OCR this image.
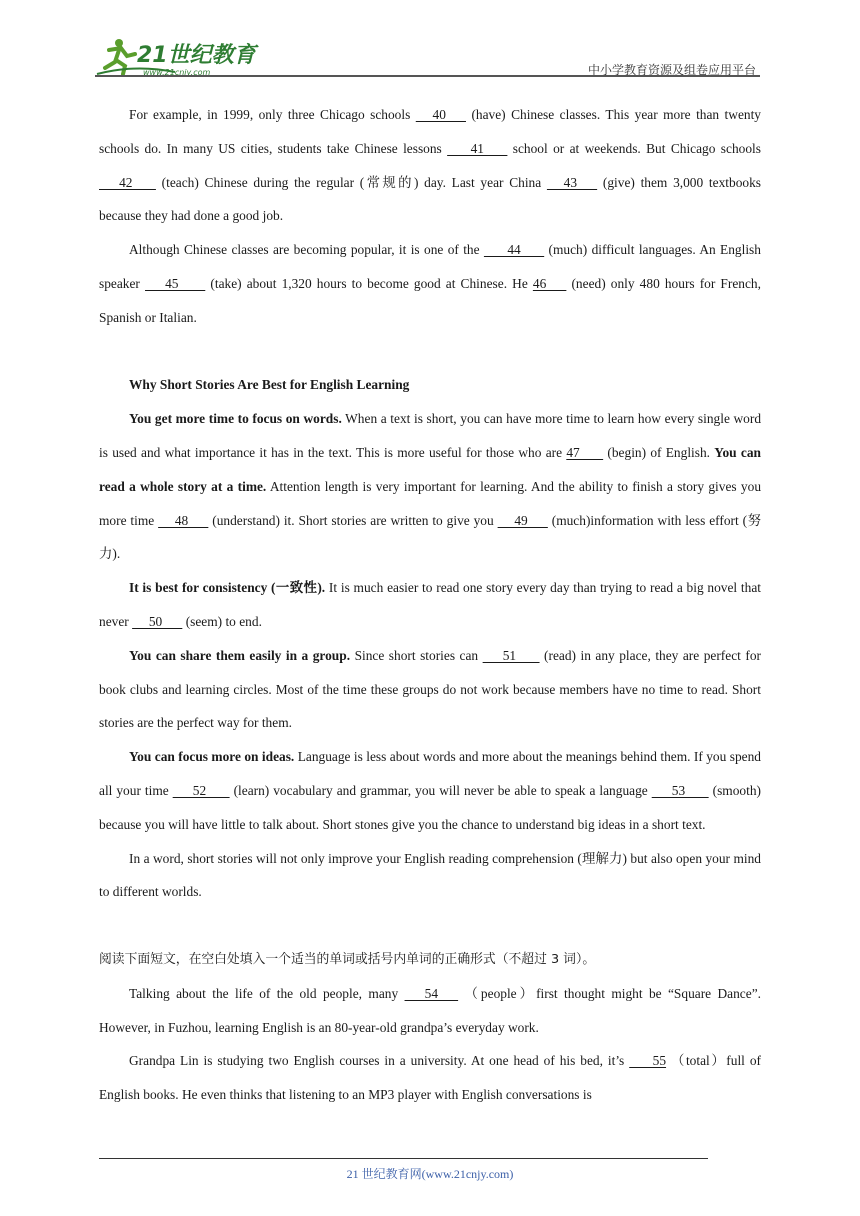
21世纪教育
www.21cnjy.com	中小学教育资源及组卷应用平台

For example, in 1999, only three Chicago schools      40       (have) Chinese classes. This year more than twenty schools do. In many US cities, students take Chinese lessons        41        school or at weekends. But Chicago schools       42        (teach) Chinese during the regular (常规的) day. Last year China      43       (give) them 3,000 textbooks because they had done a good job.

Although Chinese classes are becoming popular, it is one of the        44        (much) difficult languages. An English speaker       45         (take) about 1,320 hours to become good at Chinese. He 46       (need) only 480 hours for French, Spanish or Italian.

Why Short Stories Are Best for English Learning

You get more time to focus on words. When a text is short, you can have more time to learn how every single word is used and what importance it has in the text. This is more useful for those who are 47        (begin) of English. You can read a whole story at a time. Attention length is very important for learning. And the ability to finish a story gives you more time      48       (understand) it. Short stories are written to give you      49       (much)information with less effort (努力).

It is best for consistency (一致性). It is much easier to read one story every day than trying to read a big novel that never      50       (seem) to end.

You can share them easily in a group. Since short stories can       51        (read) in any place, they are perfect for book clubs and learning circles. Most of the time these groups do not work because members have no time to read. Short stories are the perfect way for them.

You can focus more on ideas. Language is less about words and more about the meanings behind them. If you spend all your time       52        (learn) vocabulary and grammar, you will never be able to speak a language       53        (smooth) because you will have little to talk about. Short stones give you the chance to understand big ideas in a short text.

In a word, short stories will not only improve your English reading comprehension (理解力) but also open your mind to different worlds.

阅读下面短文，在空白处填入一个适当的单词或括号内单词的正确形式（不超过 3 词）。

Talking about the life of the old people, many       54       （people）first thought might be “Square Dance”. However, in Fuzhou, learning English is an 80-year-old grandpa’s everyday work.

Grandpa Lin is studying two English courses in a university. At one head of his bed, it’s        55 （total）full of English books. He even thinks that listening to an MP3 player with English conversations is

21 世纪教育网(www.21cnjy.com)
